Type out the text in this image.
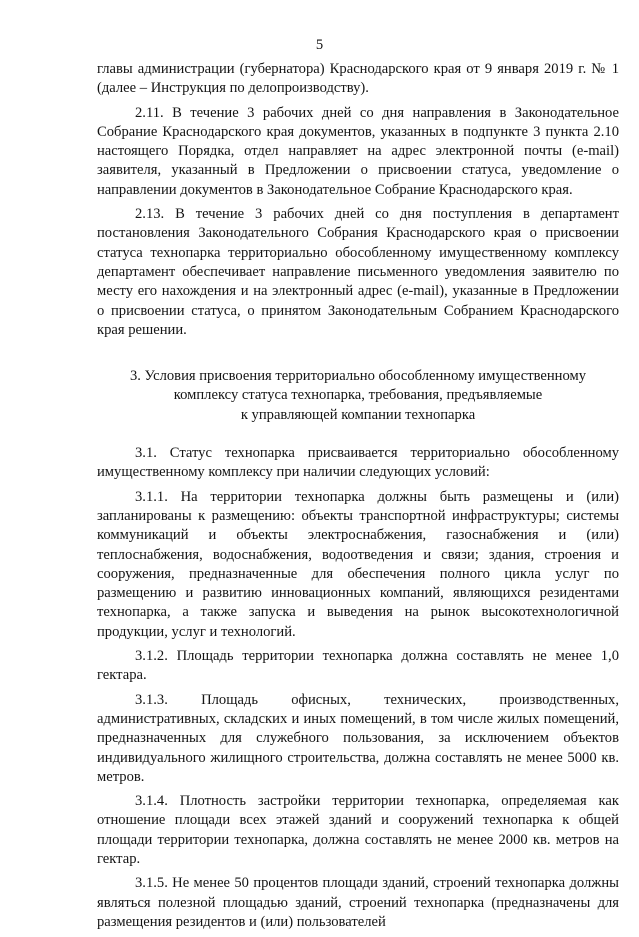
5

главы администрации (губернатора) Краснодарского края от 9 января 2019 г. № 1 (далее – Инструкция по делопроизводству).

2.11. В течение 3 рабочих дней со дня направления в Законодательное Собрание Краснодарского края документов, указанных в подпункте 3 пункта 2.10 настоящего Порядка, отдел направляет на адрес электронной почты (e-mail) заявителя, указанный в Предложении о присвоении статуса, уведомление о направлении документов в Законодательное Собрание Краснодарского края.

2.13. В течение 3 рабочих дней со дня поступления в департамент постановления Законодательного Собрания Краснодарского края о присвоении статуса технопарка территориально обособленному имущественному комплексу департамент обеспечивает направление письменного уведомления заявителю по месту его нахождения и на электронный адрес (e-mail), указанные в Предложении о присвоении статуса, о принятом Законодательным Собранием Краснодарского края решении.

3. Условия присвоения территориально обособленному имущественному
комплексу статуса технопарка, требования, предъявляемые
к управляющей компании технопарка

3.1. Статус технопарка присваивается территориально обособленному имущественному комплексу при наличии следующих условий:

3.1.1. На территории технопарка должны быть размещены и (или) запланированы к размещению: объекты транспортной инфраструктуры; системы коммуникаций и объекты электроснабжения, газоснабжения и (или) теплоснабжения, водоснабжения, водоотведения и связи; здания, строения и сооружения, предназначенные для обеспечения полного цикла услуг по размещению и развитию инновационных компаний, являющихся резидентами технопарка, а также запуска и выведения на рынок высокотехнологичной продукции, услуг и технологий.

3.1.2. Площадь территории технопарка должна составлять не менее 1,0 гектара.

3.1.3. Площадь офисных, технических, производственных, административных, складских и иных помещений, в том числе жилых помещений, предназначенных для служебного пользования, за исключением объектов индивидуального жилищного строительства, должна составлять не менее 5000 кв. метров.

3.1.4. Плотность застройки территории технопарка, определяемая как отношение площади всех этажей зданий и сооружений технопарка к общей площади территории технопарка, должна составлять не менее 2000 кв. метров на гектар.

3.1.5. Не менее 50 процентов площади зданий, строений технопарка должны являться полезной площадью зданий, строений технопарка (предназначены для размещения резидентов и (или) пользователей
